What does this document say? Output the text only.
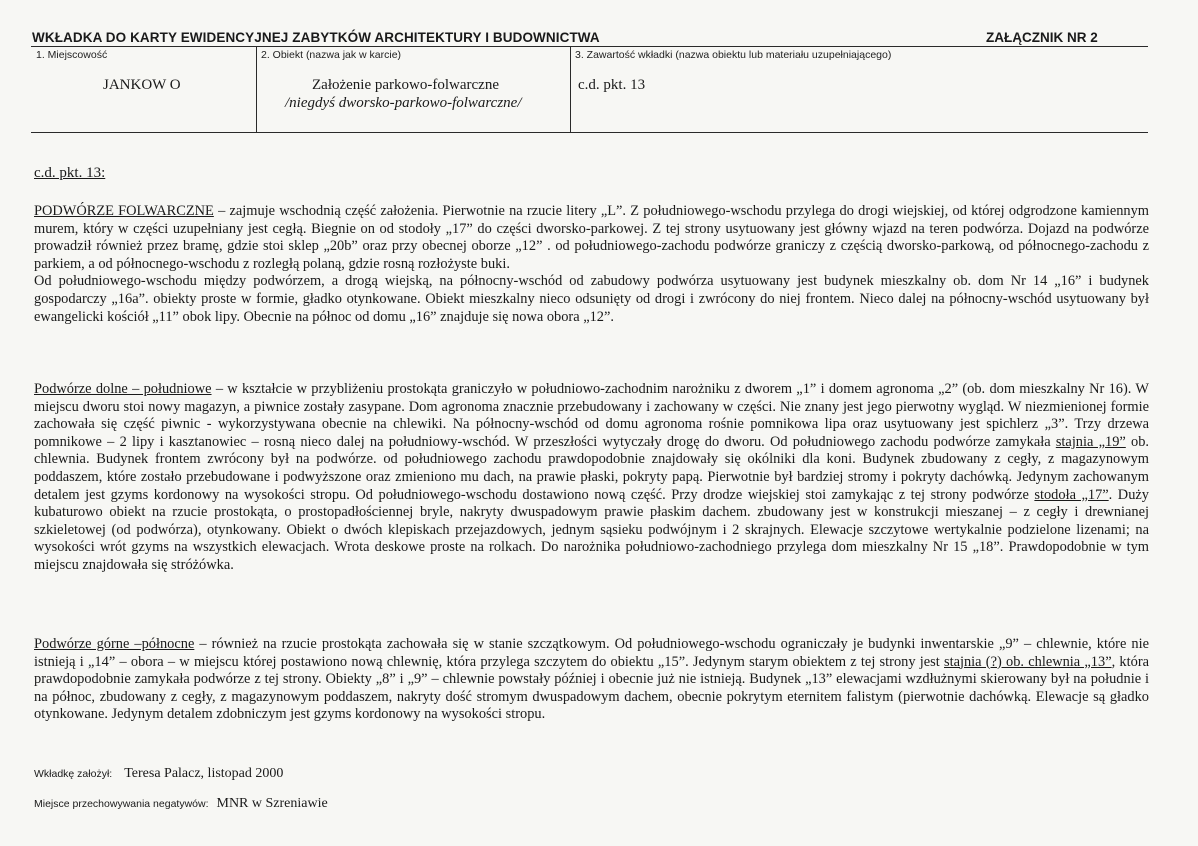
WKŁADKA DO KARTY EWIDENCYJNEJ ZABYTKÓW ARCHITEKTURY I BUDOWNICTWA	ZAŁĄCZNIK NR 2
1. Miejscowość
JANKOW O
2. Obiekt (nazwa jak w karcie)
Założenie parkowo-folwarczne
/niegdyś dworsko-parkowo-folwarczne/
3. Zawartość wkładki (nazwa obiektu lub materiału uzupełniającego)
c.d. pkt. 13
c.d. pkt. 13:

PODWÓRZE FOLWARCZNE – zajmuje wschodnią część założenia. Pierwotnie na rzucie litery „L”. Z południowego-wschodu przylega do drogi wiejskiej, od której odgrodzone kamiennym murem, który w części uzupełniany jest cegłą. Biegnie on od stodoły „17” do części dworsko-parkowej. Z tej strony usytuowany jest główny wjazd na teren podwórza. Dojazd na podwórze prowadził również przez bramę, gdzie stoi sklep „20b” oraz przy obecnej oborze „12” . od południowego-zachodu podwórze graniczy z częścią dworsko-parkową, od północnego-zachodu z parkiem, a od północnego-wschodu z rozległą polaną, gdzie rosną rozłożyste buki.

Od południowego-wschodu między podwórzem, a drogą wiejską, na północny-wschód od zabudowy podwórza usytuowany jest budynek mieszkalny ob. dom Nr 14 „16” i budynek gospodarczy „16a”. obiekty proste w formie, gładko otynkowane. Obiekt mieszkalny nieco odsunięty od drogi i zwrócony do niej frontem. Nieco dalej na północny-wschód usytuowany był ewangelicki kościół „11” obok lipy. Obecnie na północ od domu „16” znajduje się nowa obora „12”.

Podwórze dolne – południowe – w kształcie w przybliżeniu prostokąta graniczyło w południowo-zachodnim narożniku z dworem „1” i domem agronoma „2” (ob. dom mieszkalny Nr 16). W miejscu dworu stoi nowy magazyn, a piwnice zostały zasypane. Dom agronoma znacznie przebudowany i zachowany w części. Nie znany jest jego pierwotny wygląd. W niezmienionej formie zachowała się część piwnic - wykorzystywana obecnie na chlewiki. Na północny-wschód od domu agronoma rośnie pomnikowa lipa oraz usytuowany jest spichlerz „3”. Trzy drzewa pomnikowe – 2 lipy i kasztanowiec – rosną nieco dalej na południowy-wschód. W przeszłości wytyczały drogę do dworu. Od południowego zachodu podwórze zamykała stajnia „19” ob. chlewnia. Budynek frontem zwrócony był na podwórze. od południowego zachodu prawdopodobnie znajdowały się okólniki dla koni. Budynek zbudowany z cegły, z magazynowym poddaszem, które zostało przebudowane i podwyższone oraz zmieniono mu dach, na prawie płaski, pokryty papą. Pierwotnie był bardziej stromy i pokryty dachówką. Jedynym zachowanym detalem jest gzyms kordonowy na wysokości stropu. Od południowego-wschodu dostawiono nową część. Przy drodze wiejskiej stoi zamykając z tej strony podwórze stodoła „17”. Duży kubaturowo obiekt na rzucie prostokąta, o prostopadłościennej bryle, nakryty dwuspadowym prawie płaskim dachem. zbudowany jest w konstrukcji mieszanej – z cegły i drewnianej szkieletowej (od podwórza), otynkowany. Obiekt o dwóch klepiskach przejazdowych, jednym sąsieku podwójnym i 2 skrajnych. Elewacje szczytowe wertykalnie podzielone lizenami; na wysokości wrót gzyms na wszystkich elewacjach. Wrota deskowe proste na rolkach. Do narożnika południowo-zachodniego przylega dom mieszkalny Nr 15 „18”. Prawdopodobnie w tym miejscu znajdowała się stróżówka.

Podwórze górne –północne – również na rzucie prostokąta zachowała się w stanie szczątkowym. Od południowego-wschodu ograniczały je budynki inwentarskie „9” – chlewnie, które nie istnieją i „14” – obora – w miejscu której postawiono nową chlewnię, która przylega szczytem do obiektu „15”. Jedynym starym obiektem z tej strony jest stajnia (?) ob. chlewnia „13”, która prawdopodobnie zamykała podwórze z tej strony. Obiekty „8” i „9” – chlewnie powstały później i obecnie już nie istnieją. Budynek „13” elewacjami wzdłużnymi skierowany był na południe i na północ, zbudowany z cegły, z magazynowym poddaszem, nakryty dość stromym dwuspadowym dachem, obecnie pokrytym eternitem falistym (pierwotnie dachówką. Elewacje są gładko otynkowane. Jedynym detalem zdobniczym jest gzyms kordonowy na wysokości stropu.

Wkładkę założył: Teresa Palacz, listopad 2000
Miejsce przechowywania negatywów: MNR w Szreniawie
